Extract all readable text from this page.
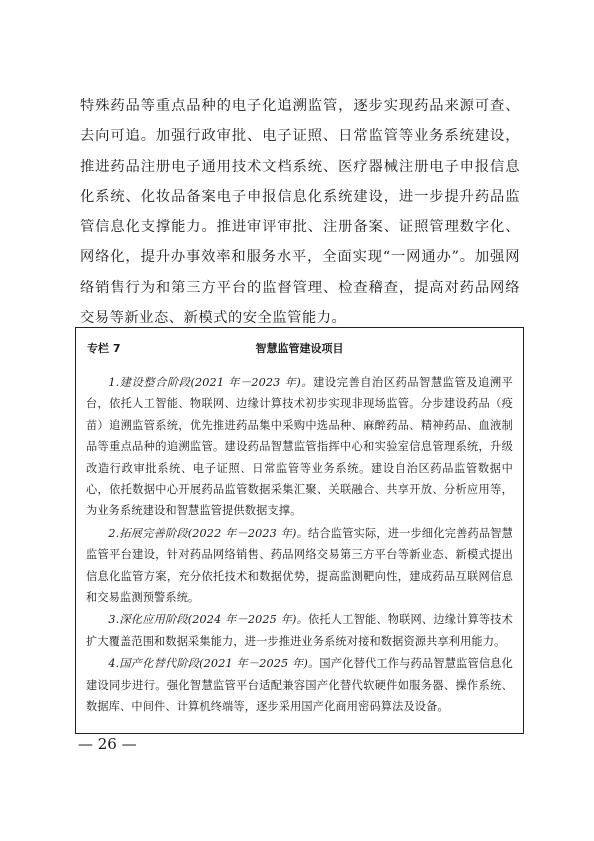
特殊药品等重点品种的电子化追溯监管，逐步实现药品来源可查、去向可追。加强行政审批、电子证照、日常监管等业务系统建设，推进药品注册电子通用技术文档系统、医疗器械注册电子申报信息化系统、化妆品备案电子申报信息化系统建设，进一步提升药品监管信息化支撑能力。推进审评审批、注册备案、证照管理数字化、网络化，提升办事效率和服务水平，全面实现“一网通办”。加强网络销售行为和第三方平台的监督管理、检查稽查，提高对药品网络交易等新业态、新模式的安全监管能力。

专栏 7	智慧监管建设项目

1.建设整合阶段(2021 年－2023 年)。建设完善自治区药品智慧监管及追溯平台，依托人工智能、物联网、边缘计算技术初步实现非现场监管。分步建设药品（疫苗）追溯监管系统，优先推进药品集中采购中选品种、麻醉药品、精神药品、血液制品等重点品种的追溯监管。建设药品智慧监管指挥中心和实验室信息管理系统，升级改造行政审批系统、电子证照、日常监管等业务系统。建设自治区药品监管数据中心，依托数据中心开展药品监管数据采集汇聚、关联融合、共享开放、分析应用等，为业务系统建设和智慧监管提供数据支撑。

2.拓展完善阶段(2022 年－2023 年)。结合监管实际，进一步细化完善药品智慧监管平台建设，针对药品网络销售、药品网络交易第三方平台等新业态、新模式提出信息化监管方案，充分依托技术和数据优势，提高监测靶向性，建成药品互联网信息和交易监测预警系统。

3.深化应用阶段(2024 年－2025 年)。依托人工智能、物联网、边缘计算等技术扩大覆盖范围和数据采集能力，进一步推进业务系统对接和数据资源共享利用能力。

4.国产化替代阶段(2021 年－2025 年)。国产化替代工作与药品智慧监管信息化建设同步进行。强化智慧监管平台适配兼容国产化替代软硬件如服务器、操作系统、数据库、中间件、计算机终端等，逐步采用国产化商用密码算法及设备。

— 26 —
